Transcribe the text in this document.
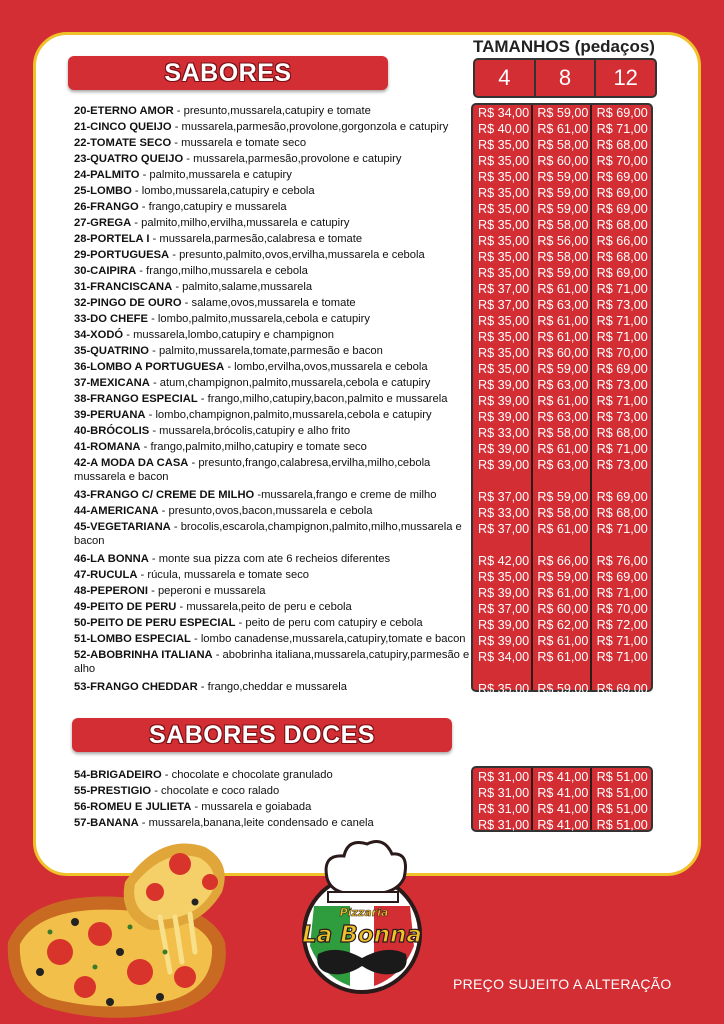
SABORES
TAMANHOS (pedaços)
4	8	12
20-ETERNO AMOR - presunto,mussarela,catupiry e tomate
21-CINCO QUEIJO - mussarela,parmesão,provolone,gorgonzola e catupiry
22-TOMATE SECO - mussarela e tomate seco
23-QUATRO QUEIJO - mussarela,parmesão,provolone e catupiry
24-PALMITO - palmito,mussarela e catupiry
25-LOMBO - lombo,mussarela,catupiry e cebola
26-FRANGO - frango,catupiry e mussarela
27-GREGA - palmito,milho,ervilha,mussarela e catupiry
28-PORTELA I - mussarela,parmesão,calabresa e tomate
29-PORTUGUESA - presunto,palmito,ovos,ervilha,mussarela e cebola
30-CAIPIRA - frango,milho,mussarela e cebola
31-FRANCISCANA - palmito,salame,mussarela
32-PINGO DE OURO - salame,ovos,mussarela e tomate
33-DO CHEFE - lombo,palmito,mussarela,cebola e catupiry
34-XODÓ - mussarela,lombo,catupiry e champignon
35-QUATRINO - palmito,mussarela,tomate,parmesão e bacon
36-LOMBO A PORTUGUESA - lombo,ervilha,ovos,mussarela e cebola
37-MEXICANA - atum,champignon,palmito,mussarela,cebola e catupiry
38-FRANGO ESPECIAL - frango,milho,catupiry,bacon,palmito e mussarela
39-PERUANA - lombo,champignon,palmito,mussarela,cebola e catupiry
40-BRÓCOLIS - mussarela,brócolis,catupiry e alho frito
41-ROMANA - frango,palmito,milho,catupiry e tomate seco
42-A MODA DA CASA - presunto,frango,calabresa,ervilha,milho,cebola mussarela e bacon
43-FRANGO C/ CREME DE MILHO -mussarela,frango e creme de milho
44-AMERICANA - presunto,ovos,bacon,mussarela e cebola
45-VEGETARIANA - brocolis,escarola,champignon,palmito,milho,mussarela e bacon
46-LA BONNA - monte sua pizza com ate 6 recheios diferentes
47-RUCULA - rúcula, mussarela e tomate seco
48-PEPERONI - peperoni e mussarela
49-PEITO DE PERU - mussarela,peito de peru e cebola
50-PEITO DE PERU ESPECIAL - peito de peru com catupiry e cebola
51-LOMBO ESPECIAL - lombo canadense,mussarela,catupiry,tomate e bacon
52-ABOBRINHA ITALIANA - abobrinha italiana,mussarela,catupiry,parmesão e alho
53-FRANGO CHEDDAR - frango,cheddar e mussarela
R$ 34,00 R$ 59,00 R$ 69,00
R$ 40,00 R$ 61,00 R$ 71,00
R$ 35,00 R$ 58,00 R$ 68,00
R$ 35,00 R$ 60,00 R$ 70,00
R$ 35,00 R$ 59,00 R$ 69,00
R$ 35,00 R$ 59,00 R$ 69,00
R$ 35,00 R$ 59,00 R$ 69,00
R$ 35,00 R$ 58,00 R$ 68,00
R$ 35,00 R$ 56,00 R$ 66,00
R$ 35,00 R$ 58,00 R$ 68,00
R$ 35,00 R$ 59,00 R$ 69,00
R$ 37,00 R$ 61,00 R$ 71,00
R$ 37,00 R$ 63,00 R$ 73,00
R$ 35,00 R$ 61,00 R$ 71,00
R$ 35,00 R$ 61,00 R$ 71,00
R$ 35,00 R$ 60,00 R$ 70,00
R$ 35,00 R$ 59,00 R$ 69,00
R$ 39,00 R$ 63,00 R$ 73,00
R$ 39,00 R$ 61,00 R$ 71,00
R$ 39,00 R$ 63,00 R$ 73,00
R$ 33,00 R$ 58,00 R$ 68,00
R$ 39,00 R$ 61,00 R$ 71,00
R$ 39,00 R$ 63,00 R$ 73,00
R$ 37,00 R$ 59,00 R$ 69,00
R$ 33,00 R$ 58,00 R$ 68,00
R$ 37,00 R$ 61,00 R$ 71,00
R$ 42,00 R$ 66,00 R$ 76,00
R$ 35,00 R$ 59,00 R$ 69,00
R$ 39,00 R$ 61,00 R$ 71,00
R$ 37,00 R$ 60,00 R$ 70,00
R$ 39,00 R$ 62,00 R$ 72,00
R$ 39,00 R$ 61,00 R$ 71,00
R$ 34,00 R$ 61,00 R$ 71,00
R$ 35,00 R$ 59,00 R$ 69,00
SABORES DOCES
54-BRIGADEIRO - chocolate e chocolate granulado
55-PRESTIGIO - chocolate e coco ralado
56-ROMEU E JULIETA - mussarela e goiabada
57-BANANA - mussarela,banana,leite condensado e canela
R$ 31,00 R$ 41,00 R$ 51,00
R$ 31,00 R$ 41,00 R$ 51,00
R$ 31,00 R$ 41,00 R$ 51,00
R$ 31,00 R$ 41,00 R$ 51,00
Pizzaria
La Bonna
PREÇO SUJEITO A ALTERAÇÃO
